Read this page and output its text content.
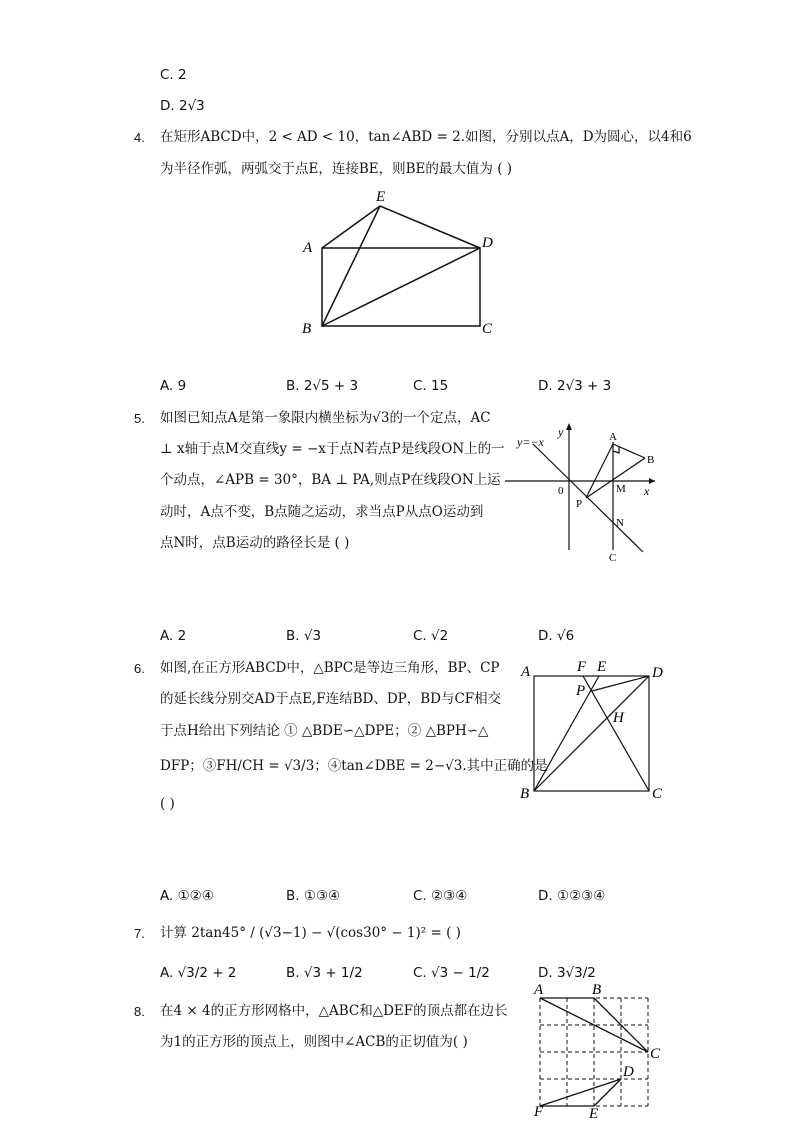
C. 2
D. 2√3
4. 在矩形ABCD中，2 < AD < 10，tan∠ABD = 2.如图，分别以点A，D为圆心，以4和6
为半径作弧，两弧交于点E，连接BE，则BE的最大值为 ( )
A
B	C
D
E
A. 9	B. 2√5 + 3	C. 15	D. 2√3 + 3
5. 如图已知点A是第一象限内横坐标为√3的一个定点，AC
⊥ x轴于点M交直线y = −x于点N若点P是线段ON上的一
个动点，∠APB = 30°，BA ⊥ PA,则点P在线段ON上运
动时，A点不变，B点随之运动，求当点P从点O运动到
点N时，点B运动的路径长是 ( )
y=−x
y
x
0
A
B
P
M
N
C
A. 2	B. √3	C. √2	D. √6
6. 如图,在正方形ABCD中，△BPC是等边三角形，BP、CP
的延长线分别交AD于点E,F连结BD、DP，BD与CF相交
于点H给出下列结论 ① △BDE∽△DPE；② △BPH∽△
DFP；③FH/CH = √3/3；④tan∠DBE = 2−√3.其中正确的是
( )
A	F E	D
P
H
B	C
A. ①②④	B. ①③④	C. ②③④	D. ①②③④
7. 计算 2tan45° / (√3−1) − √(cos30° − 1)² = ( )
A. √3/2 + 2	B. √3 + 1/2	C. √3 − 1/2	D. 3√3/2
8. 在4 × 4的正方形网格中，△ABC和△DEF的顶点都在边长
为1的正方形的顶点上，则图中∠ACB的正切值为( )
A	B
C
D
E
F
